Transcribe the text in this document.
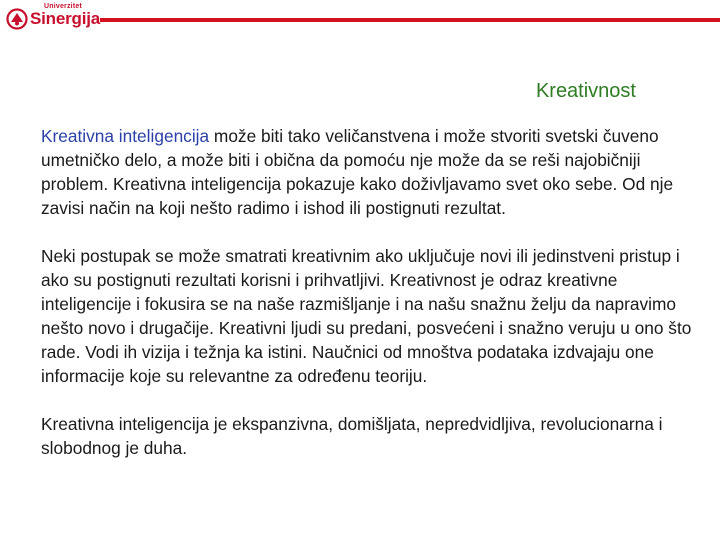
Univerzitet
Sinergija
Kreativnost

Kreativna inteligencija može biti tako veličanstvena i može stvoriti svetski čuveno umetničko delo, a može biti i obična da pomoću nje može da se reši najobičniji problem. Kreativna inteligencija pokazuje kako doživljavamo svet oko sebe. Od nje zavisi način na koji nešto radimo i ishod ili postignuti rezultat.

Neki postupak se može smatrati kreativnim ako uključuje novi ili jedinstveni pristup i ako su postignuti rezultati korisni i prihvatljivi. Kreativnost je odraz kreativne inteligencije i fokusira se na naše razmišljanje i na našu snažnu želju da napravimo nešto novo i drugačije. Kreativni ljudi su predani, posvećeni i snažno veruju u ono što rade. Vodi ih vizija i težnja ka istini. Naučnici od mnoštva podataka izdvajaju one informacije koje su relevantne za određenu teoriju.

Kreativna inteligencija je ekspanzivna, domišljata, nepredvidljiva, revolucionarna i slobodnog je duha.
